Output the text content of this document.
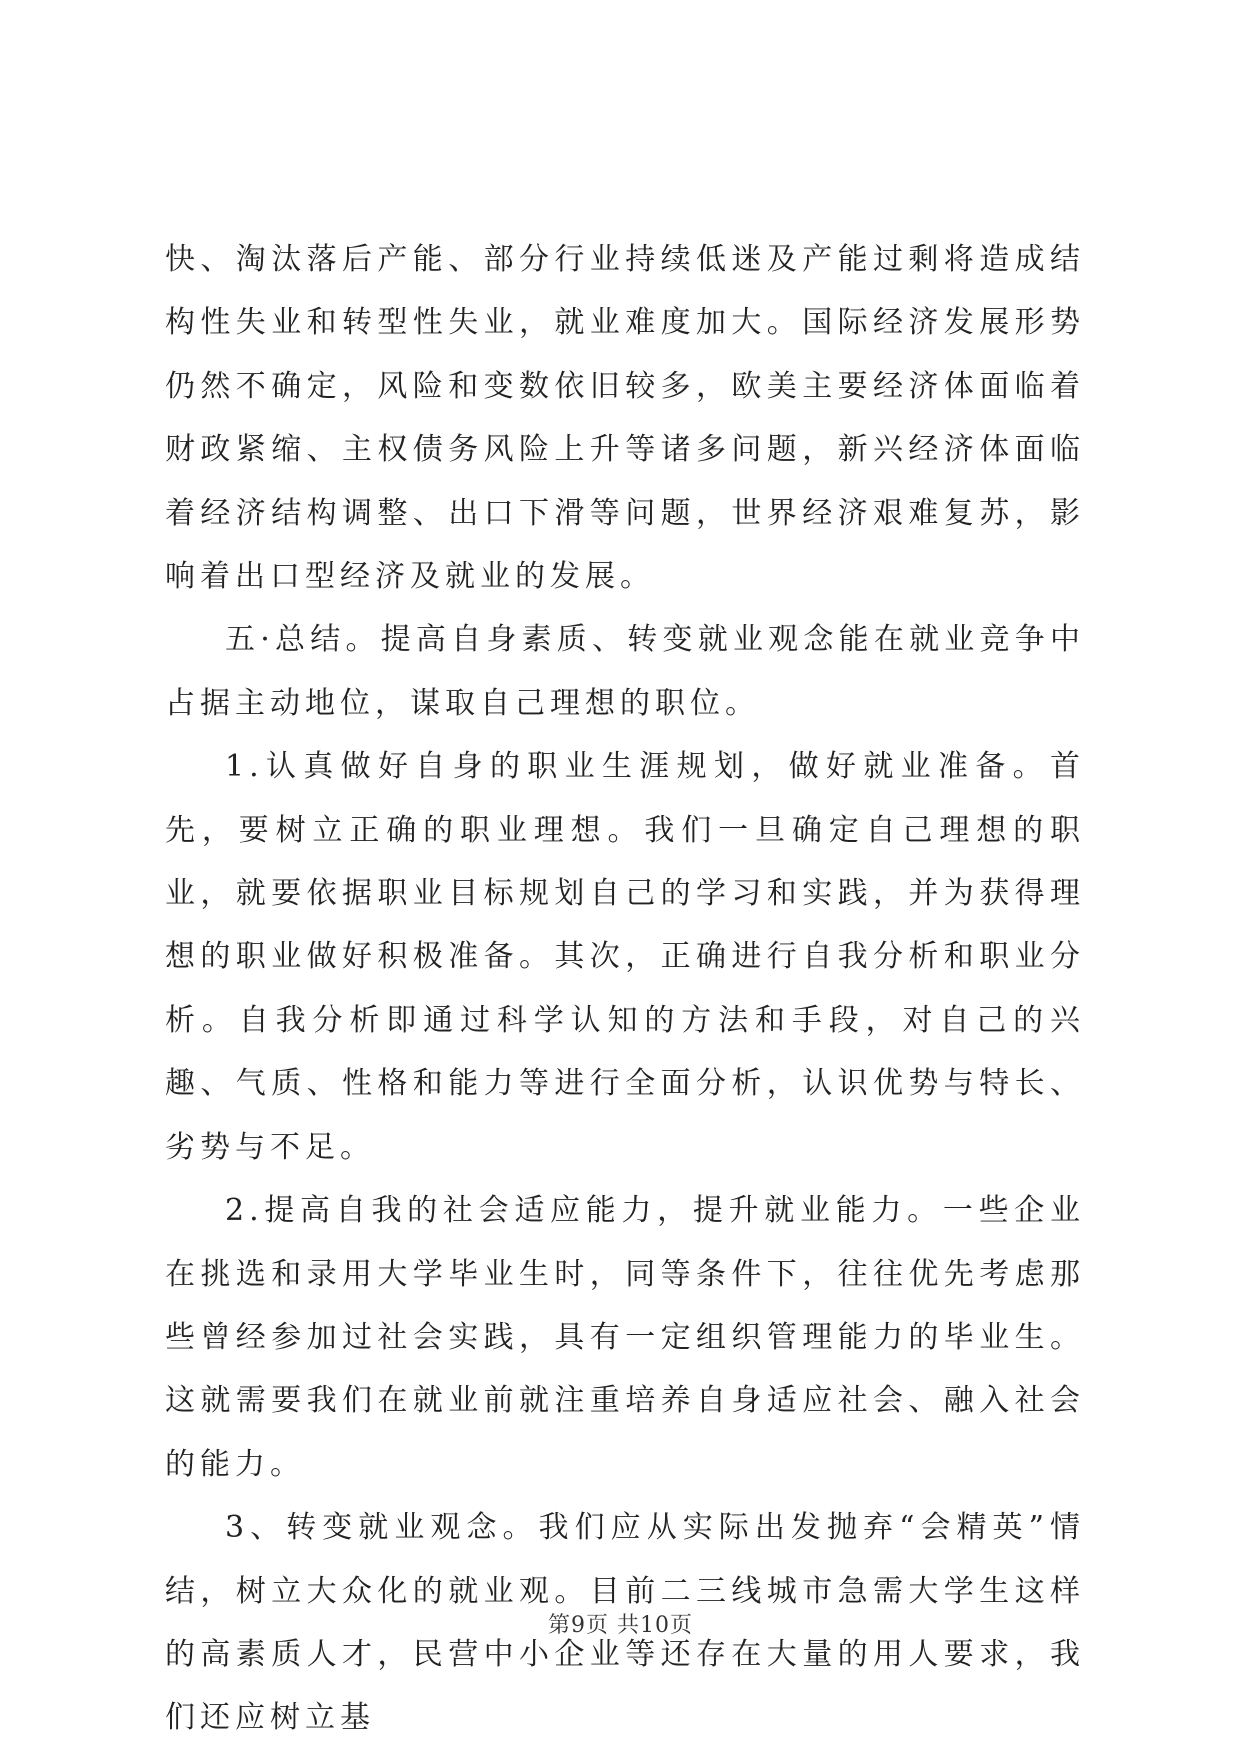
快、淘汰落后产能、部分行业持续低迷及产能过剩将造成结构性失业和转型性失业，就业难度加大。国际经济发展形势仍然不确定，风险和变数依旧较多，欧美主要经济体面临着财政紧缩、主权债务风险上升等诸多问题，新兴经济体面临着经济结构调整、出口下滑等问题，世界经济艰难复苏，影响着出口型经济及就业的发展。

五·总结。提高自身素质、转变就业观念能在就业竞争中占据主动地位，谋取自己理想的职位。

1.认真做好自身的职业生涯规划，做好就业准备。首先，要树立正确的职业理想。我们一旦确定自己理想的职业，就要依据职业目标规划自己的学习和实践，并为获得理想的职业做好积极准备。其次，正确进行自我分析和职业分析。自我分析即通过科学认知的方法和手段，对自己的兴趣、气质、性格和能力等进行全面分析，认识优势与特长、劣势与不足。

2.提高自我的社会适应能力，提升就业能力。一些企业在挑选和录用大学毕业生时，同等条件下，往往优先考虑那些曾经参加过社会实践，具有一定组织管理能力的毕业生。这就需要我们在就业前就注重培养自身适应社会、融入社会的能力。

3、转变就业观念。我们应从实际出发抛弃“会精英”情结，树立大众化的就业观。目前二三线城市急需大学生这样的高素质人才，民营中小企业等还存在大量的用人要求，我们还应树立基

第9页 共10页
